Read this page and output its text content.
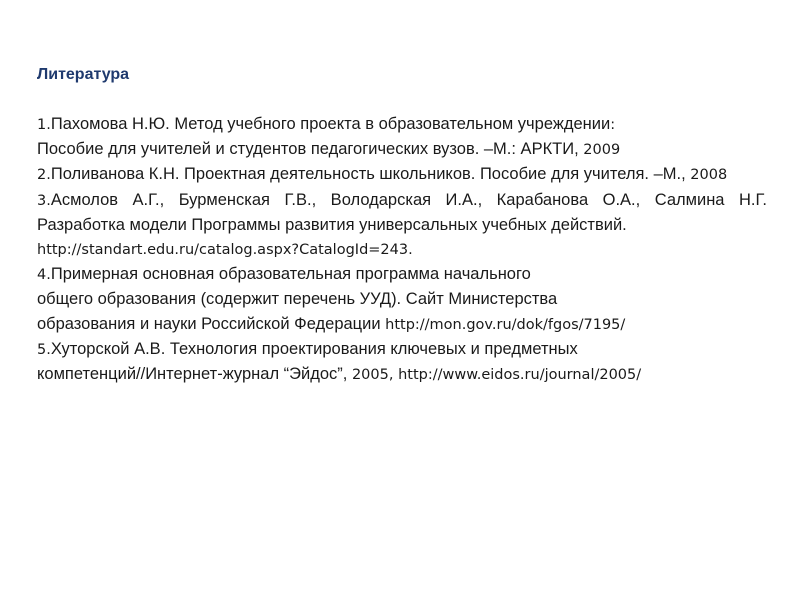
Литература

1.Пахомова Н.Ю. Метод учебного проекта в образовательном учреждении:
Пособие для учителей и студентов педагогических вузов. –М.: АРКТИ, 2009

2.Поливанова К.Н. Проектная деятельность школьников. Пособие для учителя. –М., 2008

3.Асмолов А.Г., Бурменская Г.В., Володарская И.А., Карабанова О.А., Салмина Н.Г. Разработка модели Программы развития универсальных учебных действий.

http://standart.edu.ru/catalog.aspx?CatalogId=243.

4.Примерная основная образовательная программа начального
общего образования (содержит перечень УУД). Сайт Министерства
образования и науки Российской Федерации http://mon.gov.ru/dok/fgos/7195/

5.Хуторской А.В. Технология проектирования ключевых и предметных
компетенций//Интернет-журнал “Эйдос”, 2005, http://www.eidos.ru/journal/2005/
